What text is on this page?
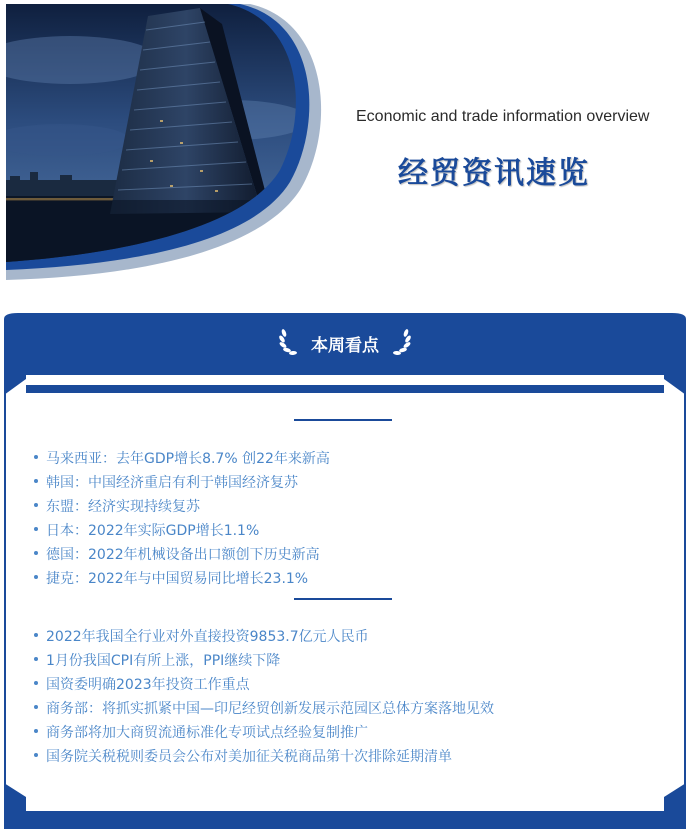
Economic and trade information overview
经贸资讯速览
本周看点
马来西亚：去年GDP增长8.7% 创22年来新高
韩国：中国经济重启有利于韩国经济复苏
东盟：经济实现持续复苏
日本：2022年实际GDP增长1.1%
德国：2022年机械设备出口额创下历史新高
捷克：2022年与中国贸易同比增长23.1%
2022年我国全行业对外直接投资9853.7亿元人民币
1月份我国CPI有所上涨，PPI继续下降
国资委明确2023年投资工作重点
商务部：将抓实抓紧中国—印尼经贸创新发展示范园区总体方案落地见效
商务部将加大商贸流通标准化专项试点经验复制推广
国务院关税税则委员会公布对美加征关税商品第十次排除延期清单
